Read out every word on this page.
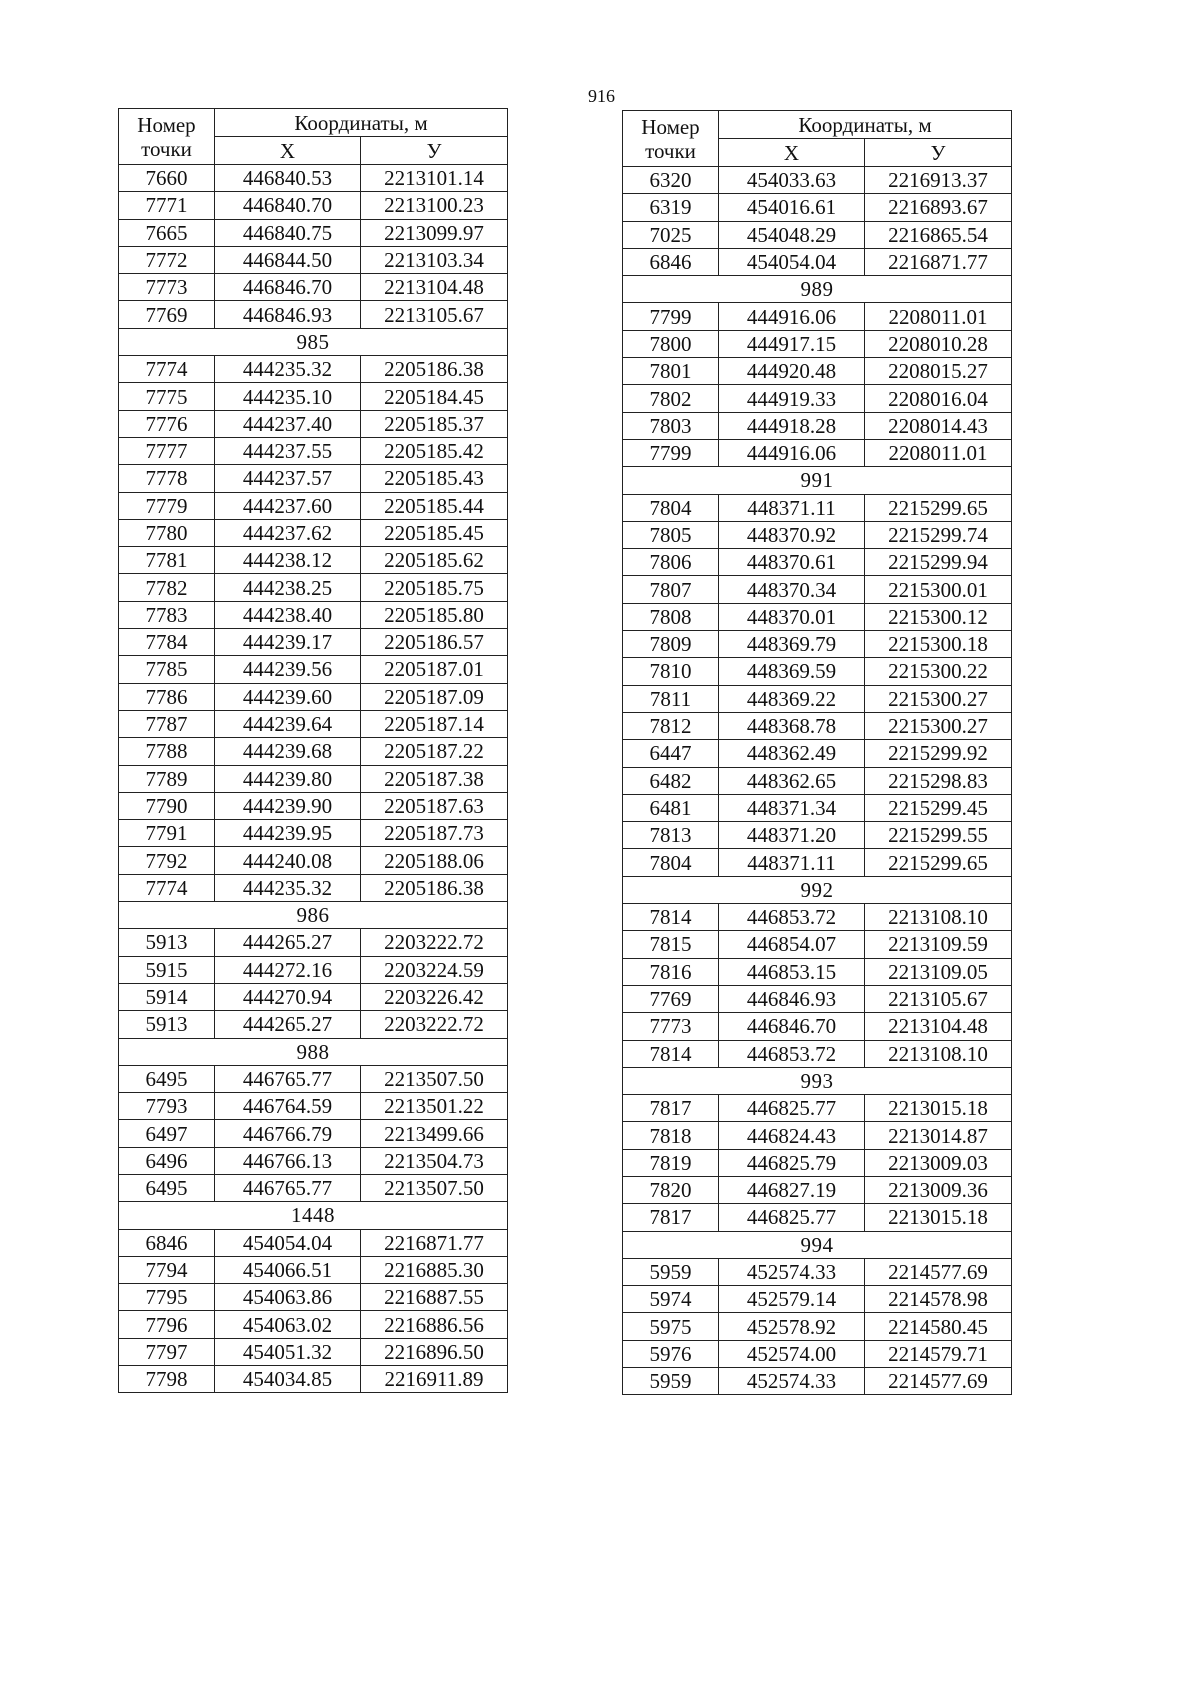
916
Номер
точки	Координаты, м	
	Х	У
7660	446840.53	2213101.14
7771	446840.70	2213100.23
7665	446840.75	2213099.97
7772	446844.50	2213103.34
7773	446846.70	2213104.48
7769	446846.93	2213105.67
985		
7774	444235.32	2205186.38
7775	444235.10	2205184.45
7776	444237.40	2205185.37
7777	444237.55	2205185.42
7778	444237.57	2205185.43
7779	444237.60	2205185.44
7780	444237.62	2205185.45
7781	444238.12	2205185.62
7782	444238.25	2205185.75
7783	444238.40	2205185.80
7784	444239.17	2205186.57
7785	444239.56	2205187.01
7786	444239.60	2205187.09
7787	444239.64	2205187.14
7788	444239.68	2205187.22
7789	444239.80	2205187.38
7790	444239.90	2205187.63
7791	444239.95	2205187.73
7792	444240.08	2205188.06
7774	444235.32	2205186.38
986		
5913	444265.27	2203222.72
5915	444272.16	2203224.59
5914	444270.94	2203226.42
5913	444265.27	2203222.72
988		
6495	446765.77	2213507.50
7793	446764.59	2213501.22
6497	446766.79	2213499.66
6496	446766.13	2213504.73
6495	446765.77	2213507.50
1448		
6846	454054.04	2216871.77
7794	454066.51	2216885.30
7795	454063.86	2216887.55
7796	454063.02	2216886.56
7797	454051.32	2216896.50
7798	454034.85	2216911.89
Номер
точки	Координаты, м	
	Х	У
6320	454033.63	2216913.37
6319	454016.61	2216893.67
7025	454048.29	2216865.54
6846	454054.04	2216871.77
989		
7799	444916.06	2208011.01
7800	444917.15	2208010.28
7801	444920.48	2208015.27
7802	444919.33	2208016.04
7803	444918.28	2208014.43
7799	444916.06	2208011.01
991		
7804	448371.11	2215299.65
7805	448370.92	2215299.74
7806	448370.61	2215299.94
7807	448370.34	2215300.01
7808	448370.01	2215300.12
7809	448369.79	2215300.18
7810	448369.59	2215300.22
7811	448369.22	2215300.27
7812	448368.78	2215300.27
6447	448362.49	2215299.92
6482	448362.65	2215298.83
6481	448371.34	2215299.45
7813	448371.20	2215299.55
7804	448371.11	2215299.65
992		
7814	446853.72	2213108.10
7815	446854.07	2213109.59
7816	446853.15	2213109.05
7769	446846.93	2213105.67
7773	446846.70	2213104.48
7814	446853.72	2213108.10
993		
7817	446825.77	2213015.18
7818	446824.43	2213014.87
7819	446825.79	2213009.03
7820	446827.19	2213009.36
7817	446825.77	2213015.18
994		
5959	452574.33	2214577.69
5974	452579.14	2214578.98
5975	452578.92	2214580.45
5976	452574.00	2214579.71
5959	452574.33	2214577.69
